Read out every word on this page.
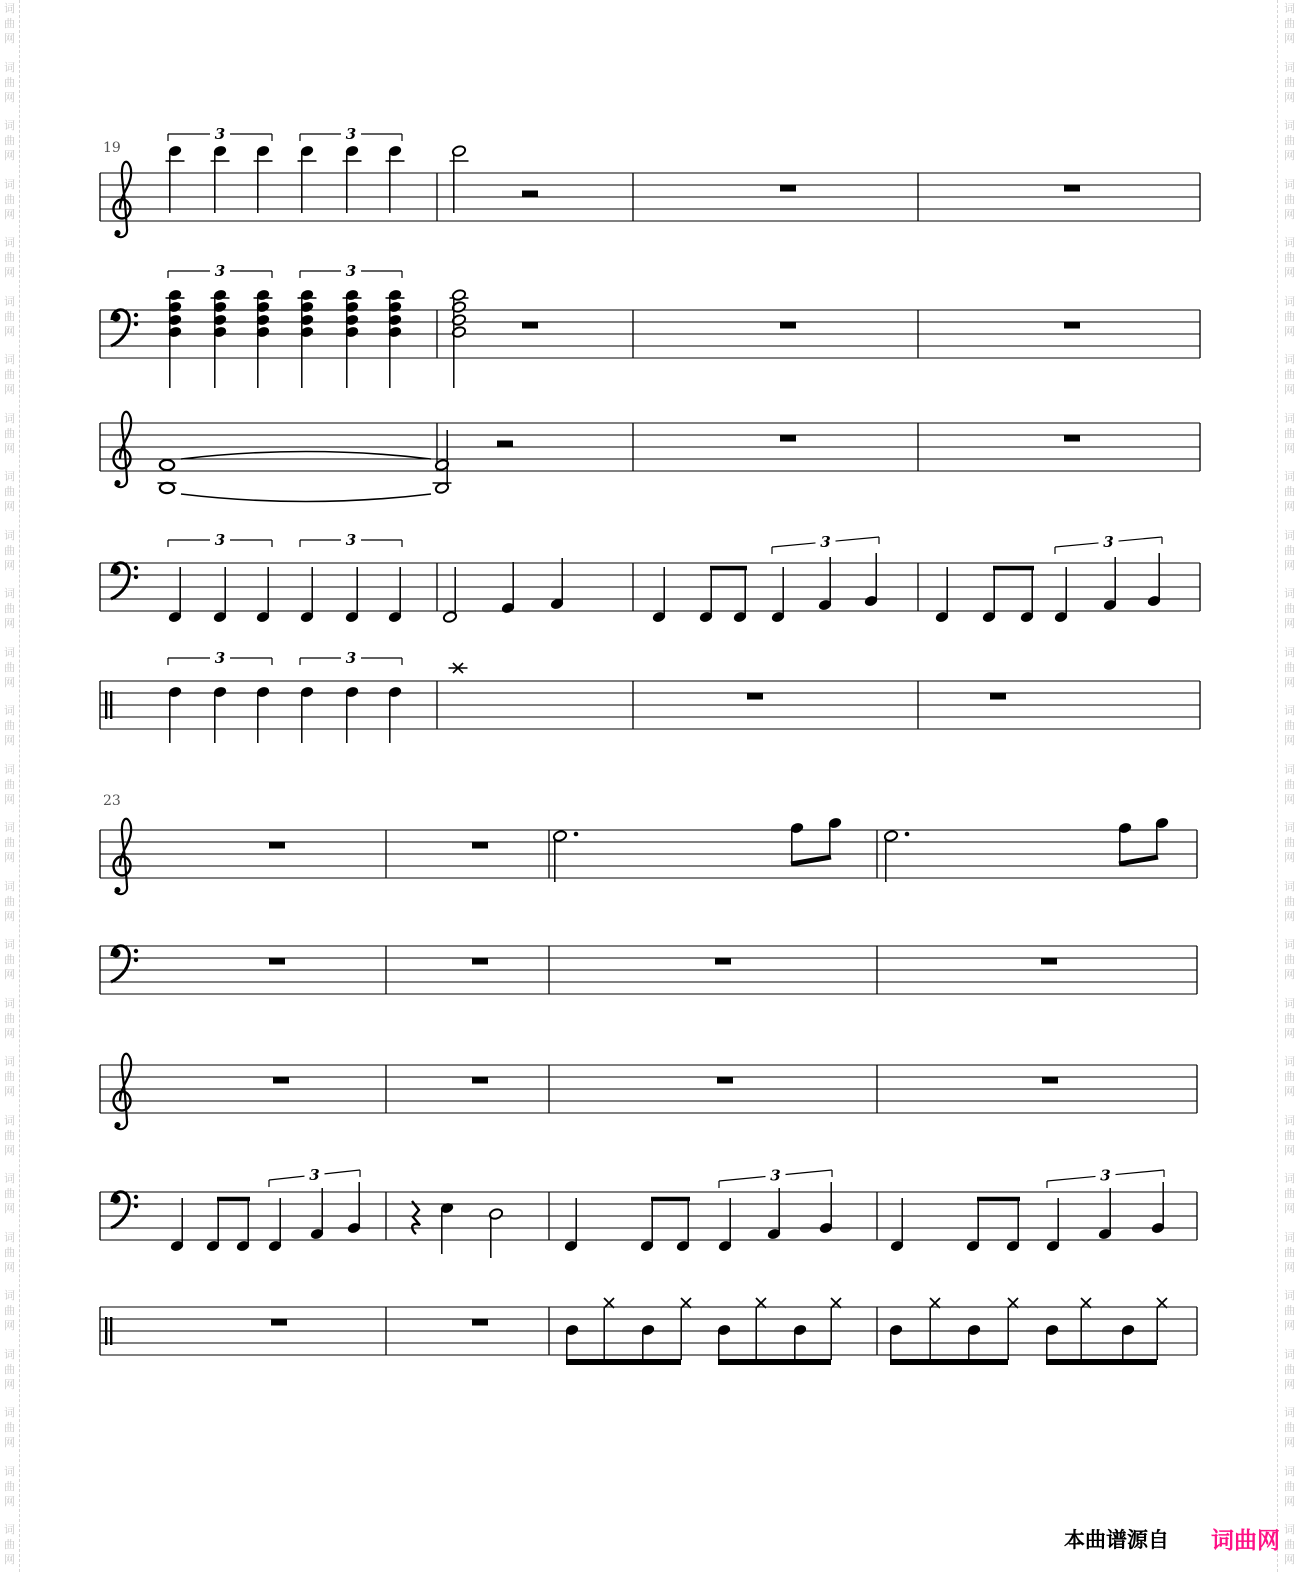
词
曲
网
词
曲
网
词
曲
网
词
曲
网
词
曲
网
词
曲
网
词
曲
网
词
曲
网
词
曲
网
词
曲
网
词
曲
网
词
曲
网
词
曲
网
词
曲
网
词
曲
网
词
曲
网
词
曲
网
词
曲
网
词
曲
网
词
曲
网
词
曲
网
词
曲
网
词
曲
网
词
曲
网
词
曲
网
词
曲
网
词
曲
网
词
曲
网
词
曲
网
词
曲
网
词
曲
网
词
曲
网
词
曲
网
词
曲
网
词
曲
网
词
曲
网
词
曲
网
词
曲
网
词
曲
网
词
曲
网
词
曲
网
词
曲
网
词
曲
网
词
曲
网
词
曲
网
词
曲
网
词
曲
网
词
曲
网
词
曲
网
词
曲
网
词
曲
网
词
曲
网
词
曲
网
词
曲
网
3	3
3	3
3	3	3	3
3	3
3	3	3
19
23
本曲谱源自 词曲网
